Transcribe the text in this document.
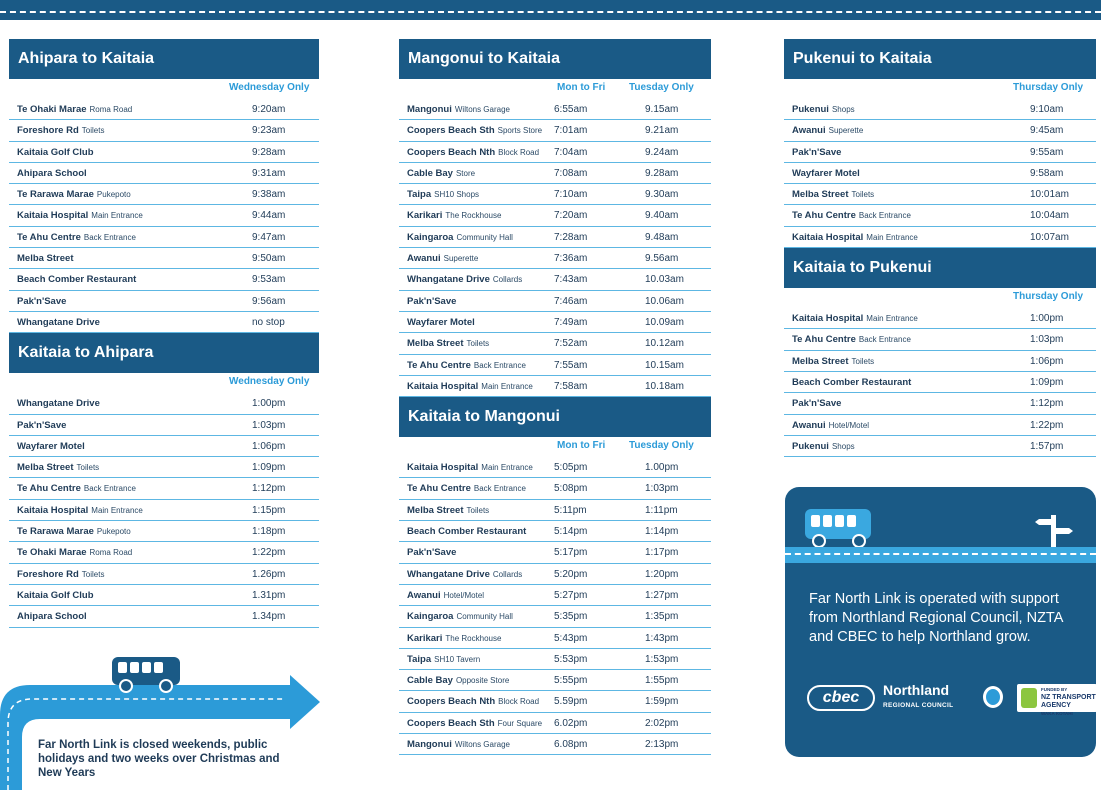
Ahipara to Kaitaia
Wednesday Only
Te Ohaki Marae Roma Road	9:20am
Foreshore Rd Toilets	9:23am
Kaitaia Golf Club	9:28am
Ahipara School	9:31am
Te Rarawa Marae Pukepoto	9:38am
Kaitaia Hospital Main Entrance	9:44am
Te Ahu Centre Back Entrance	9:47am
Melba Street	9:50am
Beach Comber Restaurant	9:53am
Pak'n'Save	9:56am
Whangatane Drive	no stop
Kaitaia to Ahipara
Wednesday Only
Whangatane Drive	1:00pm
Pak'n'Save	1:03pm
Wayfarer Motel	1:06pm
Melba Street Toilets	1:09pm
Te Ahu Centre Back Entrance	1:12pm
Kaitaia Hospital Main Entrance	1:15pm
Te Rarawa Marae Pukepoto	1:18pm
Te Ohaki Marae Roma Road	1:22pm
Foreshore Rd Toilets	1.26pm
Kaitaia Golf Club	1.31pm
Ahipara School	1.34pm
Mangonui to Kaitaia
Mon to Fri Tuesday Only
Mangonui Wiltons Garage	6:55am	9.15am
Coopers Beach Sth Sports Store 7:01am	9.21am
Coopers Beach Nth Block Road 7:04am	9.24am
Cable Bay Store	7:08am	9.28am
Taipa SH10 Shops	7:10am	9.30am
Karikari The Rockhouse	7:20am	9.40am
Kaingaroa Community Hall	7:28am	9.48am
Awanui Superette	7:36am	9.56am
Whangatane Drive Collards	7:43am	10.03am
Pak'n'Save	7:46am	10.06am
Wayfarer Motel	7:49am	10.09am
Melba Street Toilets	7:52am	10.12am
Te Ahu Centre Back Entrance	7:55am	10.15am
Kaitaia Hospital Main Entrance 7:58am	10.18am
Kaitaia to Mangonui
Mon to Fri Tuesday Only
Kaitaia Hospital Main Entrance 5:05pm	1.00pm
Te Ahu Centre Back Entrance	5:08pm	1:03pm
Melba Street Toilets	5:11pm	1:11pm
Beach Comber Restaurant	5:14pm	1:14pm
Pak'n'Save	5:17pm	1:17pm
Whangatane Drive Collards	5:20pm	1:20pm
Awanui Hotel/Motel	5:27pm	1:27pm
Kaingaroa Community Hall	5:35pm	1:35pm
Karikari The Rockhouse	5:43pm	1:43pm
Taipa SH10 Tavern	5:53pm	1:53pm
Cable Bay Opposite Store	5:55pm	1:55pm
Coopers Beach Nth Block Road 5.59pm	1:59pm
Coopers Beach Sth Four Square 6.02pm	2:02pm
Mangonui Wiltons Garage	6.08pm	2:13pm
Pukenui to Kaitaia
Thursday Only
Pukenui Shops	9:10am
Awanui Superette	9:45am
Pak'n'Save	9:55am
Wayfarer Motel	9:58am
Melba Street Toilets	10:01am
Te Ahu Centre Back Entrance	10:04am
Kaitaia Hospital Main Entrance	10:07am
Kaitaia to Pukenui
Thursday Only
Kaitaia Hospital Main Entrance	1:00pm
Te Ahu Centre Back Entrance	1:03pm
Melba Street Toilets	1:06pm
Beach Comber Restaurant	1:09pm
Pak'n'Save	1:12pm
Awanui Hotel/Motel	1:22pm
Pukenui Shops	1:57pm
Far North Link is closed weekends, public holidays and two weeks over Christmas and New Years
Far North Link is operated with support from Northland Regional Council, NZTA and CBEC to help Northland grow.
cbec	Northland
REGIONAL COUNCIL
FUNDED BY
NZ TRANSPORT AGENCY
WAKA KOTAHI
